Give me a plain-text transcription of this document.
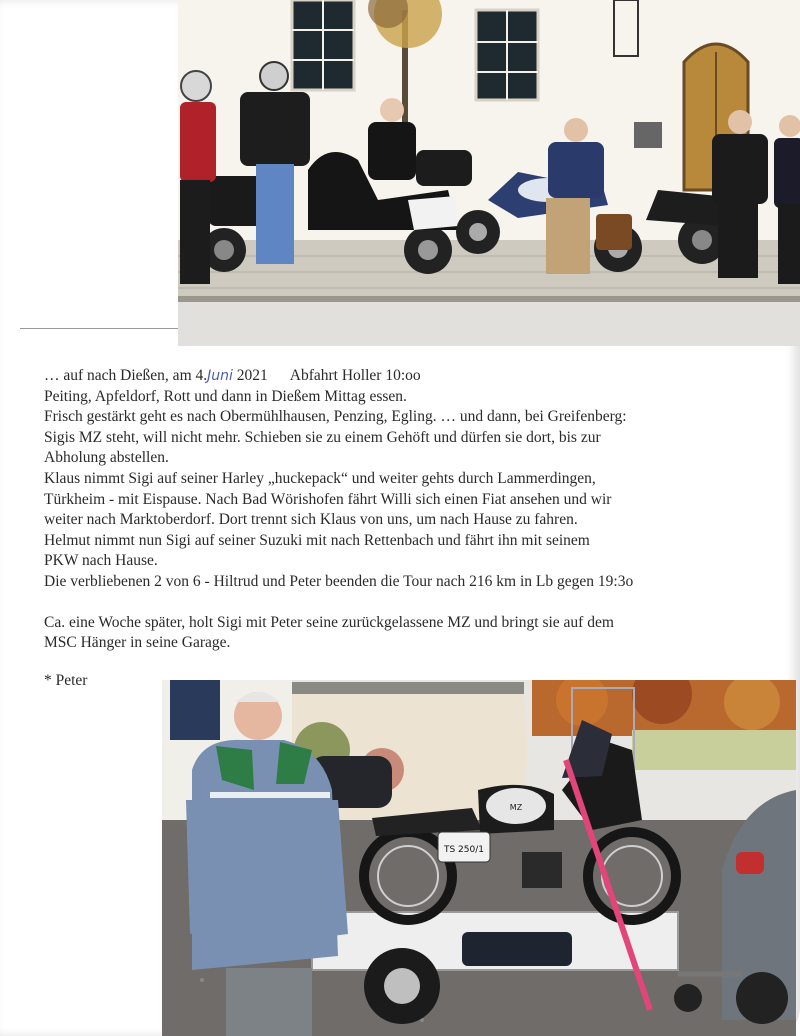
… auf nach Dießen, am 4.Juni 2021 Abfahrt Holler 10:oo

Peiting, Apfeldorf, Rott und dann in Dießem Mittag essen.

Frisch gestärkt geht es nach Obermühlhausen, Penzing, Egling. … und dann, bei Greifenberg:

Sigis MZ steht, will nicht mehr. Schieben sie zu einem Gehöft und dürfen sie dort, bis zur

Abholung abstellen.

Klaus nimmt Sigi auf seiner Harley „huckepack“ und weiter gehts durch Lammerdingen,

Türkheim - mit Eispause. Nach Bad Wörishofen fährt Willi sich einen Fiat ansehen und wir

weiter nach Marktoberdorf. Dort trennt sich Klaus von uns, um nach Hause zu fahren.

Helmut nimmt nun Sigi auf seiner Suzuki mit nach Rettenbach und fährt ihn mit seinem

PKW nach Hause.

Die verbliebenen 2 von 6 - Hiltrud und Peter beenden die Tour nach 216 km in Lb gegen 19:3o

Ca. eine Woche später, holt Sigi mit Peter seine zurückgelassene MZ und bringt sie auf dem

MSC Hänger in seine Garage.

* Peter
TS 250/1
MZ
